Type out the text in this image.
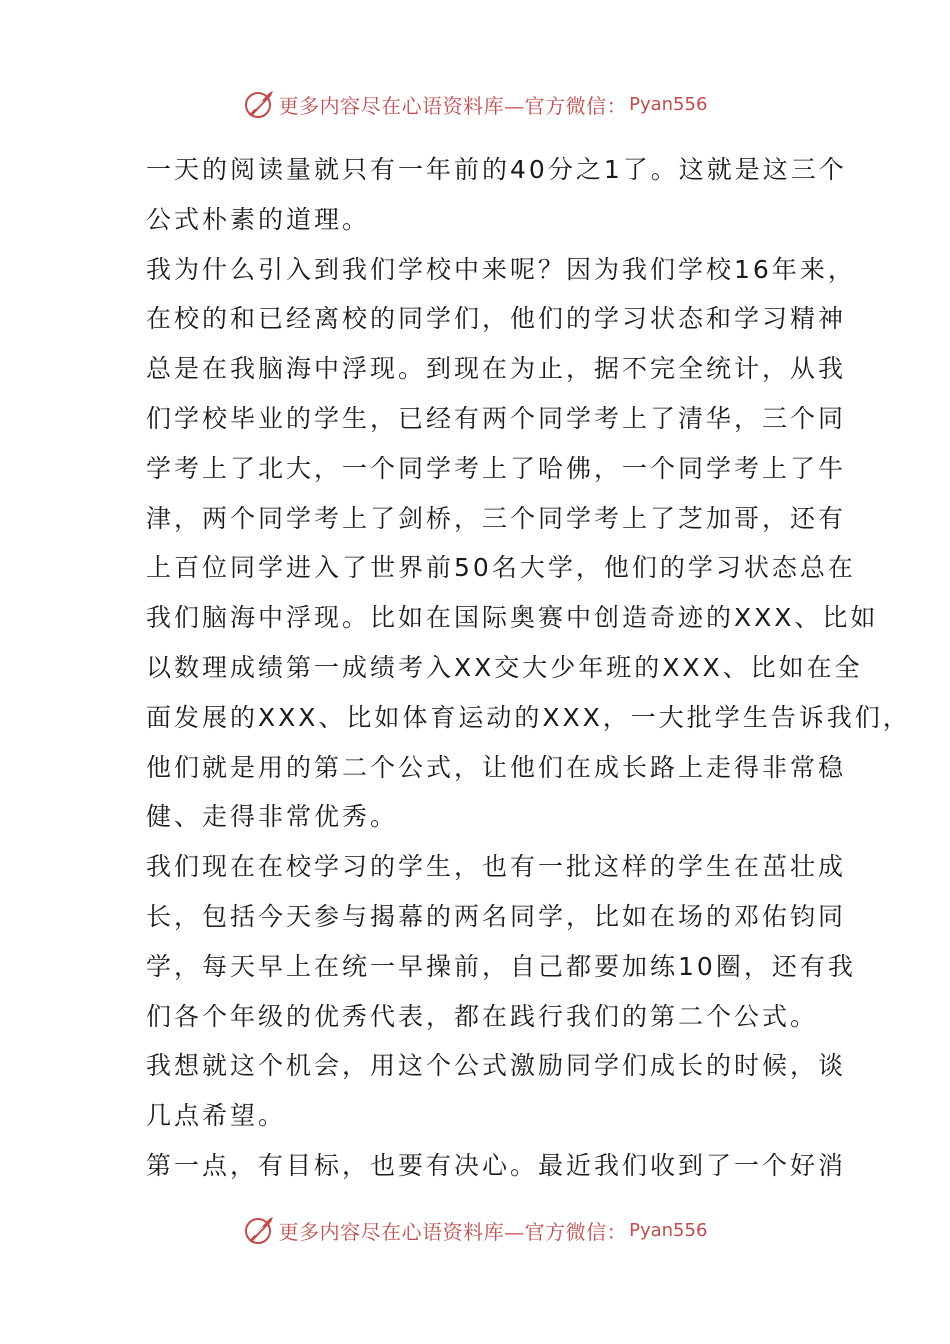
更多内容尽在心语资料库—官方微信： Pyan556
一天的阅读量就只有一年前的40分之1了。这就是这三个
公式朴素的道理。
我为什么引入到我们学校中来呢？因为我们学校16年来，
在校的和已经离校的同学们，他们的学习状态和学习精神
总是在我脑海中浮现。到现在为止，据不完全统计，从我
们学校毕业的学生，已经有两个同学考上了清华，三个同
学考上了北大，一个同学考上了哈佛，一个同学考上了牛
津，两个同学考上了剑桥，三个同学考上了芝加哥，还有
上百位同学进入了世界前50名大学，他们的学习状态总在
我们脑海中浮现。比如在国际奥赛中创造奇迹的XXX、比如
以数理成绩第一成绩考入XX交大少年班的XXX、比如在全
面发展的XXX、比如体育运动的XXX，一大批学生告诉我们，
他们就是用的第二个公式，让他们在成长路上走得非常稳
健、走得非常优秀。
我们现在在校学习的学生，也有一批这样的学生在茁壮成
长，包括今天参与揭幕的两名同学，比如在场的邓佑钧同
学，每天早上在统一早操前，自己都要加练10圈，还有我
们各个年级的优秀代表，都在践行我们的第二个公式。
我想就这个机会，用这个公式激励同学们成长的时候，谈
几点希望。
第一点，有目标，也要有决心。最近我们收到了一个好消
更多内容尽在心语资料库—官方微信： Pyan556
